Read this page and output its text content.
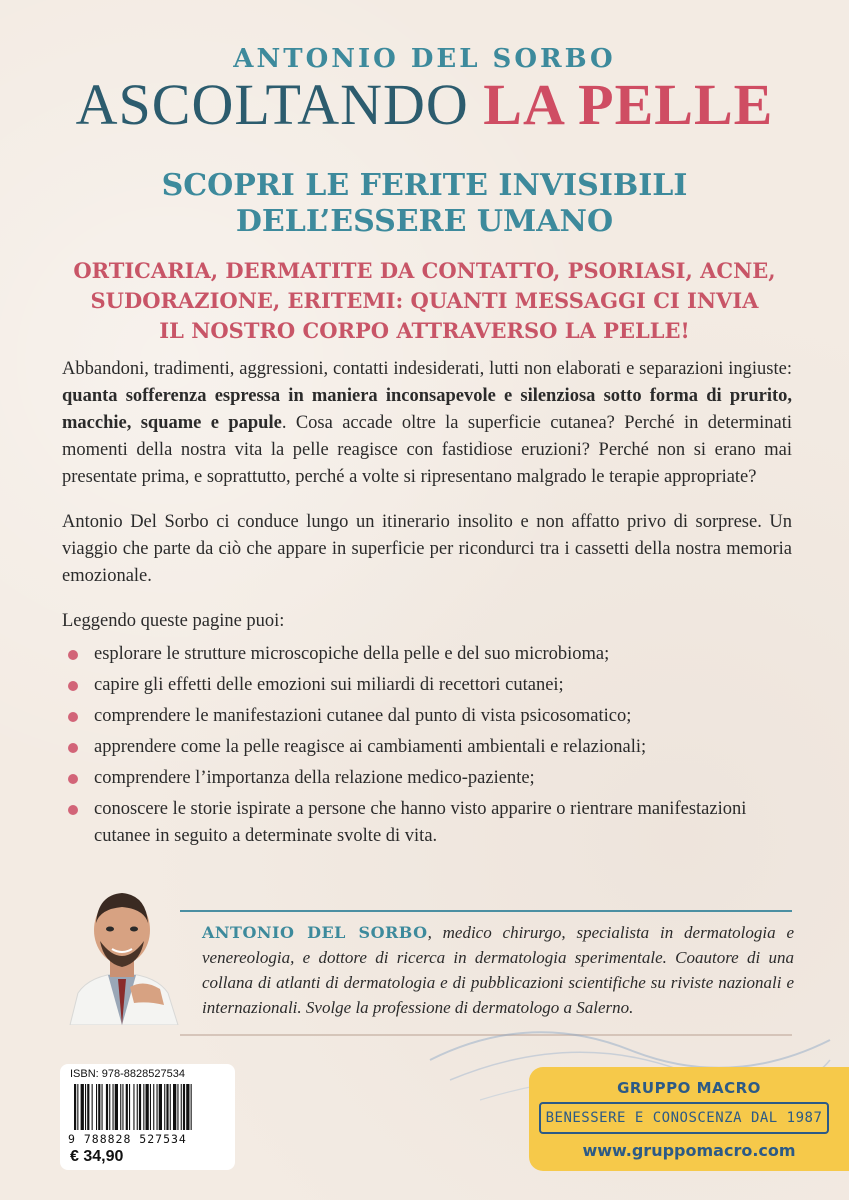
ANTONIO DEL SORBO
ASCOLTANDO LA PELLE
SCOPRI LE FERITE INVISIBILI
DELL’ESSERE UMANO
ORTICARIA, DERMATITE DA CONTATTO, PSORIASI, ACNE,
SUDORAZIONE, ERITEMI: QUANTI MESSAGGI CI INVIA
IL NOSTRO CORPO ATTRAVERSO LA PELLE!

Abbandoni, tradimenti, aggressioni, contatti indesiderati, lutti non elaborati e separazioni ingiuste: quanta sofferenza espressa in maniera inconsapevole e silenziosa sotto forma di prurito, macchie, squame e papule. Cosa accade oltre la superficie cutanea? Perché in determinati momenti della nostra vita la pelle reagisce con fastidiose eruzioni? Perché non si erano mai presentate prima, e soprattutto, perché a volte si ripresentano malgrado le terapie appropriate?

Antonio Del Sorbo ci conduce lungo un itinerario insolito e non affatto privo di sorprese. Un viaggio che parte da ciò che appare in superficie per ricondurci tra i cassetti della nostra memoria emozionale.

Leggendo queste pagine puoi:

esplorare le strutture microscopiche della pelle e del suo microbioma;
capire gli effetti delle emozioni sui miliardi di recettori cutanei;
comprendere le manifestazioni cutanee dal punto di vista psicosomatico;
apprendere come la pelle reagisce ai cambiamenti ambientali e relazionali;
comprendere l’importanza della relazione medico-paziente;
conoscere le storie ispirate a persone che hanno visto apparire o rientrare manifestazioni cutanee in seguito a determinate svolte di vita.
ANTONIO DEL SORBO, medico chirurgo, specialista in dermatologia e venereologia, e dottore di ricerca in dermatologia sperimentale. Coautore di una collana di atlanti di dermatologia e di pubblicazioni scientifiche su riviste nazionali e internazionali. Svolge la professione di dermatologo a Salerno.
ISBN: 978-8828527534
9 788828 527534
€ 34,90
GRUPPO MACRO
BENESSERE E CONOSCENZA DAL 1987
www.gruppomacro.com
